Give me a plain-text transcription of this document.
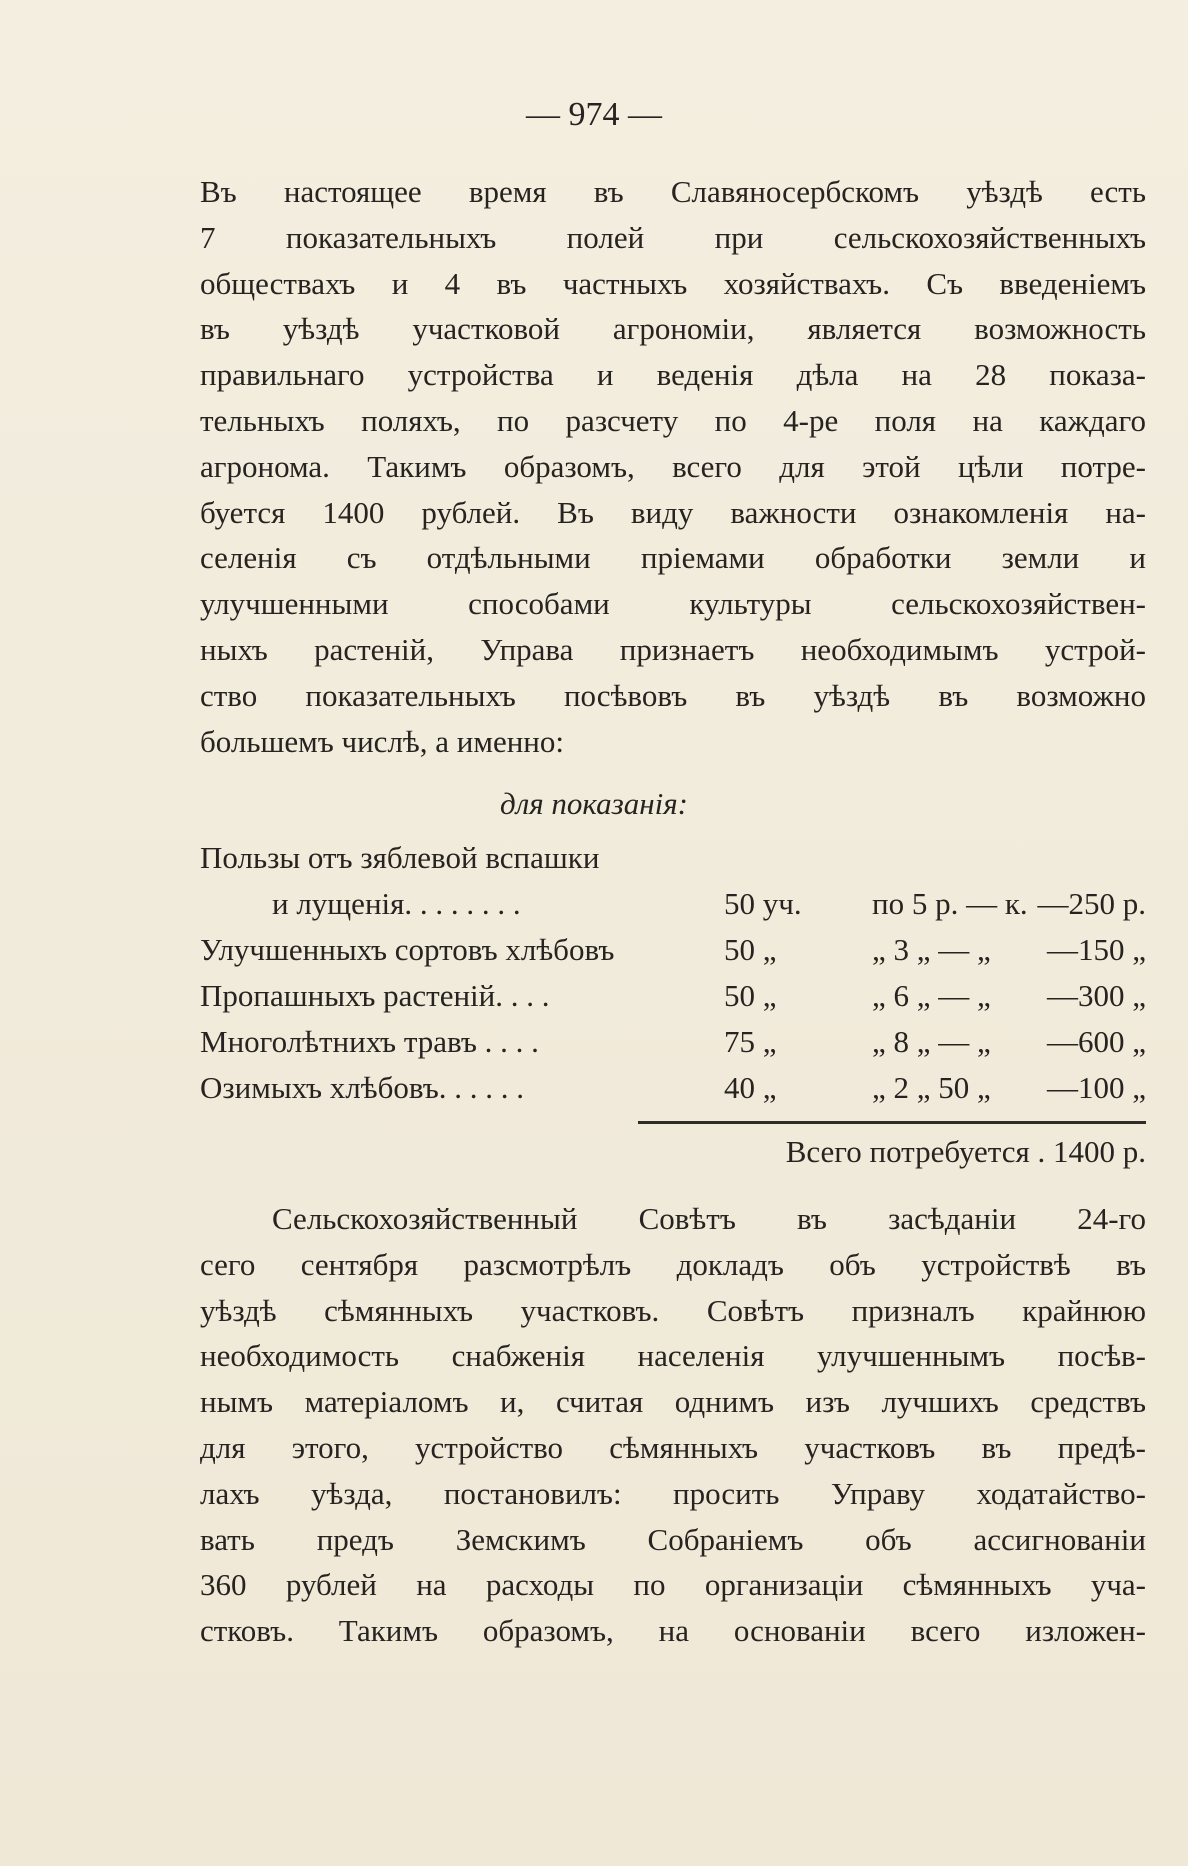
— 974 —
Въ настоящее время въ Славяносербскомъ уѣздѣ есть
7 показательныхъ полей при сельскохозяйственныхъ
обществахъ и 4 въ частныхъ хозяйствахъ. Съ введеніемъ
въ уѣздѣ участковой агрономіи, является возможность
правильнаго устройства и веденія дѣла на 28 показа-
тельныхъ поляхъ, по разсчету по 4-ре поля на каждаго
агронома. Такимъ образомъ, всего для этой цѣли потре-
буется 1400 рублей. Въ виду важности ознакомленія на-
селенія съ отдѣльными пріемами обработки земли и
улучшенными способами культуры сельскохозяйствен-
ныхъ растеній, Управа признаетъ необходимымъ устрой-
ство показательныхъ посѣвовъ въ уѣздѣ въ возможно
большемъ числѣ, а именно:
для показанія:
Пользы отъ зяблевой вспашки
и лущенія. . . . . . . .	50 уч. по 5 р. — к. —250 р.
Улучшенныхъ сортовъ хлѣбовъ	50 „	„ 3 „ — „ —150 „
Пропашныхъ растеній. . . .	50 „	„ 6 „ — „ —300 „
Многолѣтнихъ травъ . . . .	75 „	„ 8 „ — „ —600 „
Озимыхъ хлѣбовъ. . . . . .	40 „	„ 2 „ 50 „ —100 „
Всего потребуется . 1400 р.
Сельскохозяйственный Совѣтъ въ засѣданіи 24-го
сего сентября разсмотрѣлъ докладъ объ устройствѣ въ
уѣздѣ сѣмянныхъ участковъ. Совѣтъ призналъ крайнюю
необходимость снабженія населенія улучшеннымъ посѣв-
нымъ матеріаломъ и, считая однимъ изъ лучшихъ средствъ
для этого, устройство сѣмянныхъ участковъ въ предѣ-
лахъ уѣзда, постановилъ: просить Управу ходатайство-
вать предъ Земскимъ Собраніемъ объ ассигнованіи
360 рублей на расходы по организаціи сѣмянныхъ уча-
стковъ. Такимъ образомъ, на основаніи всего изложен-
